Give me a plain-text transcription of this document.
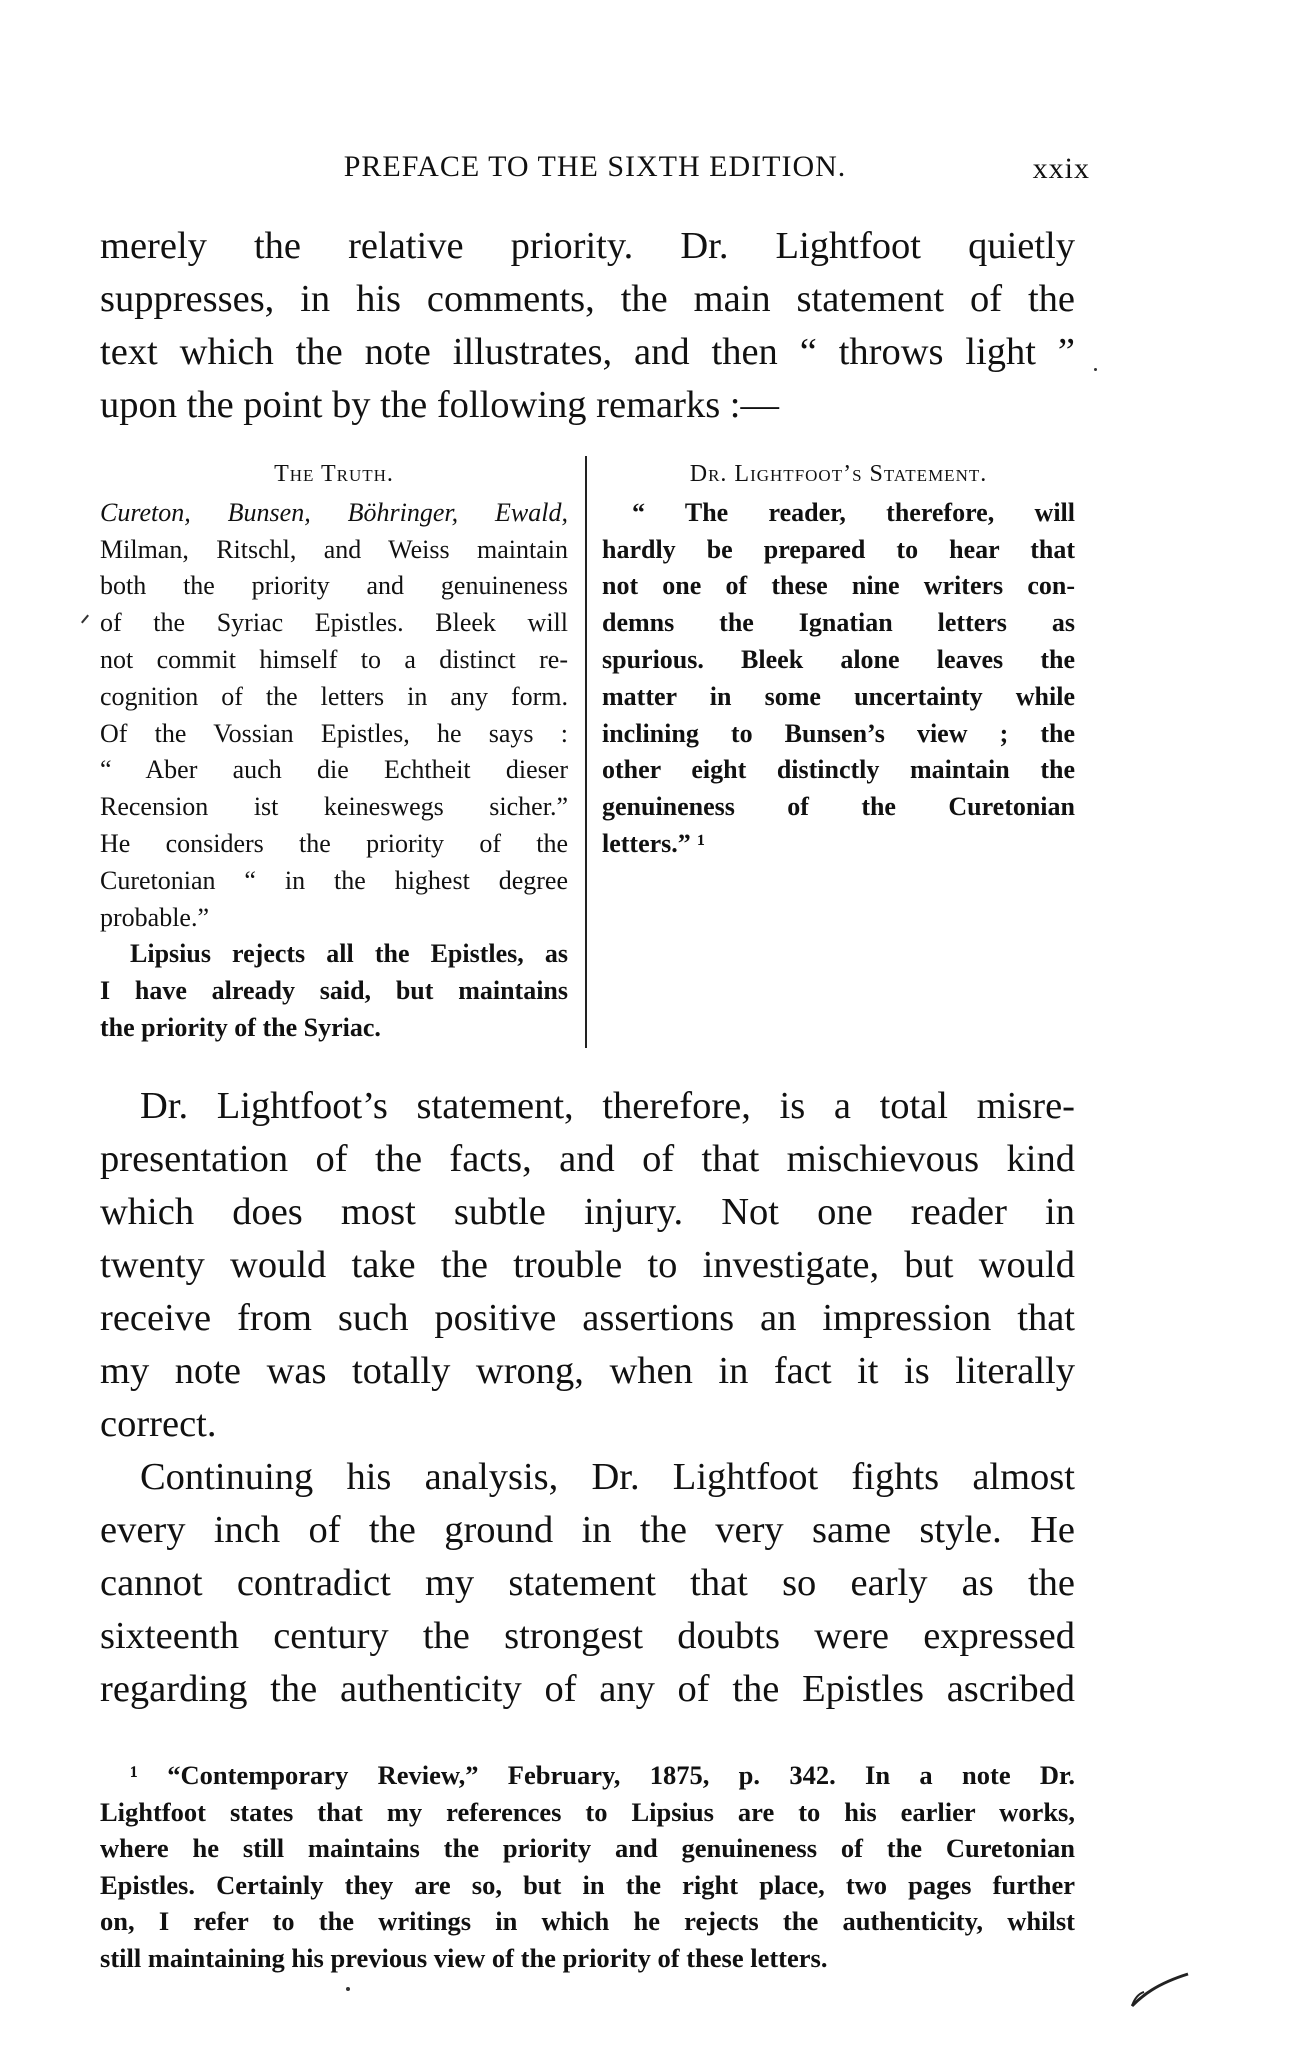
PREFACE TO THE SIXTH EDITION.	xxix
merely the relative priority. Dr. Lightfoot quietly
suppresses, in his comments, the main statement of the
text which the note illustrates, and then “ throws light ”
upon the point by the following remarks :—
The Truth.
Cureton, Bunsen, Böhringer, Ewald,
Milman, Ritschl, and Weiss maintain
both the priority and genuineness
of the Syriac Epistles. Bleek will
not commit himself to a distinct re-
cognition of the letters in any form.
Of the Vossian Epistles, he says :
“ Aber auch die Echtheit dieser
Recension ist keineswegs sicher.”
He considers the priority of the
Curetonian “ in the highest degree
probable.”
Lipsius rejects all the Epistles, as
I have already said, but maintains
the priority of the Syriac.
Dr. Lightfoot’s Statement.
“ The reader, therefore, will
hardly be prepared to hear that
not one of these nine writers con-
demns the Ignatian letters as
spurious. Bleek alone leaves the
matter in some uncertainty while
inclining to Bunsen’s view ; the
other eight distinctly maintain the
genuineness of the Curetonian
letters.” ¹
Dr. Lightfoot’s statement, therefore, is a total misre-
presentation of the facts, and of that mischievous kind
which does most subtle injury. Not one reader in
twenty would take the trouble to investigate, but would
receive from such positive assertions an impression that
my note was totally wrong, when in fact it is literally
correct.
Continuing his analysis, Dr. Lightfoot fights almost
every inch of the ground in the very same style. He
cannot contradict my statement that so early as the
sixteenth century the strongest doubts were expressed
regarding the authenticity of any of the Epistles ascribed
¹ “Contemporary Review,” February, 1875, p. 342. In a note Dr.
Lightfoot states that my references to Lipsius are to his earlier works,
where he still maintains the priority and genuineness of the Curetonian
Epistles. Certainly they are so, but in the right place, two pages further
on, I refer to the writings in which he rejects the authenticity, whilst
still maintaining his previous view of the priority of these letters.
